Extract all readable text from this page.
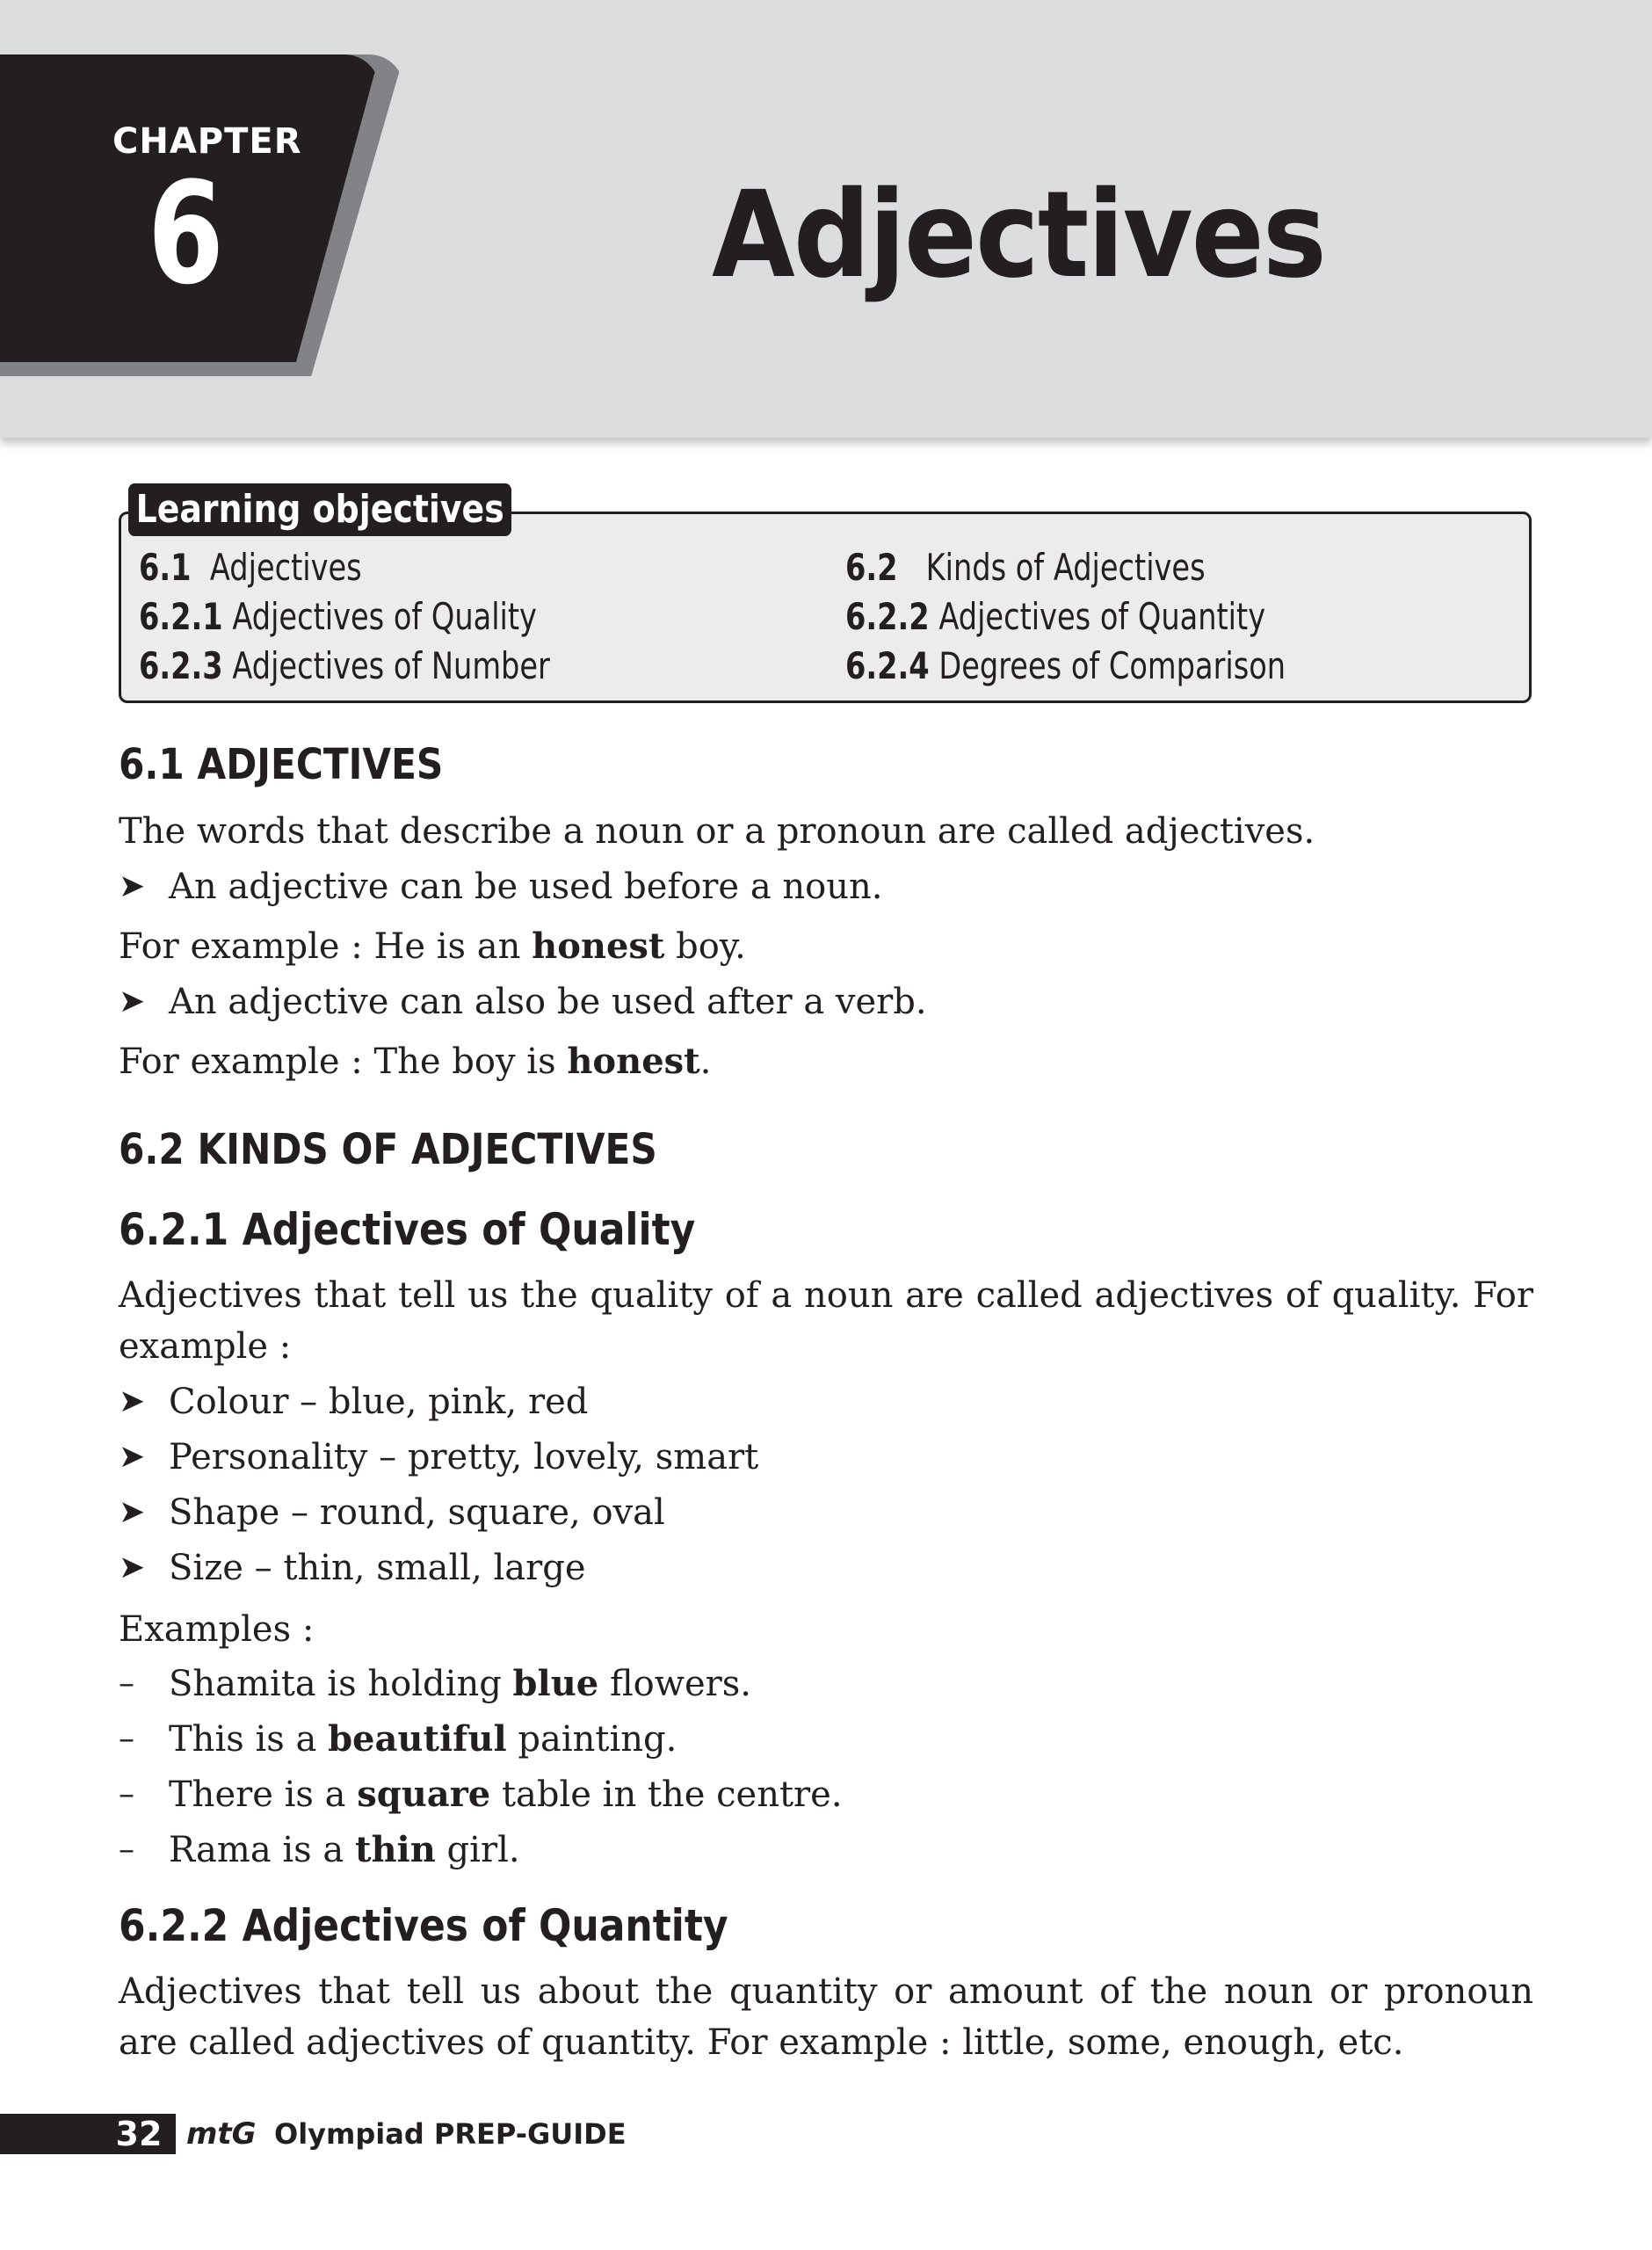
CHAPTER
6	Adjectives
Learning objectives
6.1 Adjectives	6.2 Kinds of Adjectives
6.2.1 Adjectives of Quality	6.2.2 Adjectives of Quantity
6.2.3 Adjectives of Number	6.2.4 Degrees of Comparison
6.1 ADJECTIVES
The words that describe a noun or a pronoun are called adjectives.
➤ An adjective can be used before a noun.
For example : He is an honest boy.
➤ An adjective can also be used after a verb.
For example : The boy is honest.
6.2 KINDS OF ADJECTIVES
6.2.1 Adjectives of Quality
Adjectives that tell us the quality of a noun are called adjectives of quality. For example :
➤ Colour – blue, pink, red
➤ Personality – pretty, lovely, smart
➤ Shape – round, square, oval
➤ Size – thin, small, large
Examples :
– Shamita is holding blue flowers.
– This is a beautiful painting.
– There is a square table in the centre.
– Rama is a thin girl.
6.2.2 Adjectives of Quantity
Adjectives that tell us about the quantity or amount of the noun or pronoun are called adjectives of quantity. For example : little, some, enough, etc.
32 mtG Olympiad PREP-GUIDE
